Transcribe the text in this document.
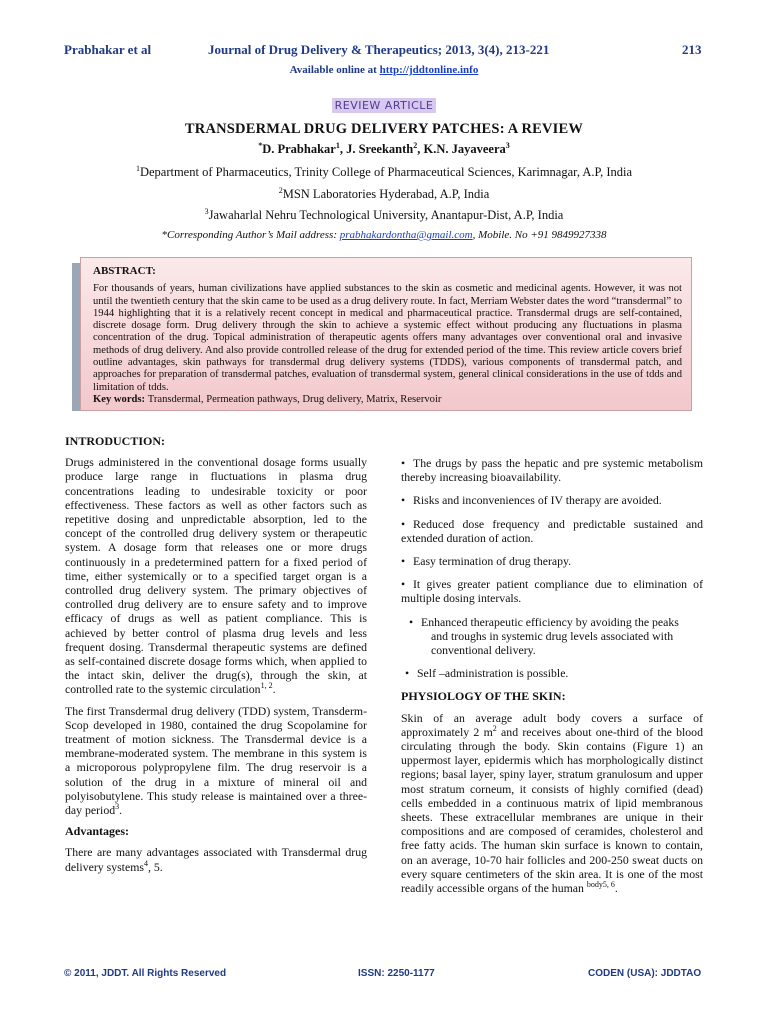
Prabhakar et al	Journal of Drug Delivery & Therapeutics; 2013, 3(4), 213-221	213
Available online at http://jddtonline.info
REVIEW ARTICLE
TRANSDERMAL DRUG DELIVERY PATCHES: A REVIEW
*D. Prabhakar$^1$, J. Sreekanth$^2$, K.N. Jayaveera$^3$
$^1$Department of Pharmaceutics, Trinity College of Pharmaceutical Sciences, Karimnagar, A.P, India
$^2$MSN Laboratories Hyderabad, A.P, India
$^3$Jawaharlal Nehru Technological University, Anantapur-Dist, A.P, India
*Corresponding Author’s Mail address: prabhakardontha@gmail.com, Mobile. No +91 9849927338
ABSTRACT:
For thousands of years, human civilizations have applied substances to the skin as cosmetic and medicinal agents. However, it was not until the twentieth century that the skin came to be used as a drug delivery route. In fact, Merriam Webster dates the word “transdermal” to 1944 highlighting that it is a relatively recent concept in medical and pharmaceutical practice. Transdermal drugs are self-contained, discrete dosage form. Drug delivery through the skin to achieve a systemic effect without producing any fluctuations in plasma concentration of the drug. Topical administration of therapeutic agents offers many advantages over conventional oral and invasive methods of drug delivery. And also provide controlled release of the drug for extended period of the time. This review article covers brief outline advantages, skin pathways for transdermal drug delivery systems (TDDS), various components of transdermal patch, and approaches for preparation of transdermal patches, evaluation of transdermal system, general clinical considerations in the use of tdds and limitation of tdds.
Key words: Transdermal, Permeation pathways, Drug delivery, Matrix, Reservoir
INTRODUCTION:

Drugs administered in the conventional dosage forms usually produce large range in fluctuations in plasma drug concentrations leading to undesirable toxicity or poor effectiveness. These factors as well as other factors such as repetitive dosing and unpredictable absorption, led to the concept of the controlled drug delivery system or therapeutic system. A dosage form that releases one or more drugs continuously in a predetermined pattern for a fixed period of time, either systemically or to a specified target organ is a controlled drug delivery system. The primary objectives of controlled drug delivery are to ensure safety and to improve efficacy of drugs as well as patient compliance. This is achieved by better control of plasma drug levels and less frequent dosing. Transdermal therapeutic systems are defined as self-contained discrete dosage forms which, when applied to the intact skin, deliver the drug(s), through the skin, at controlled rate to the systemic circulation$^{1, 2}$.

The first Transdermal drug delivery (TDD) system, Transderm-Scop developed in 1980, contained the drug Scopolamine for treatment of motion sickness. The Transdermal device is a membrane-moderated system. The membrane in this system is a microporous polypropylene film. The drug reservoir is a solution of the drug in a mixture of mineral oil and polyisobutylene. This study release is maintained over a three-day period$^3$.

Advantages:

There are many advantages associated with Transdermal drug delivery systems$^4$, 5.

• The drugs by pass the hepatic and pre systemic metabolism thereby increasing bioavailability.
• Risks and inconveniences of IV therapy are avoided.
• Reduced dose frequency and predictable sustained and extended duration of action.
• Easy termination of drug therapy.
• It gives greater patient compliance due to elimination of multiple dosing intervals.
• Enhanced therapeutic efficiency by avoiding the peaks
and troughs in systemic drug levels associated with conventional delivery.
• Self –administration is possible.
PHYSIOLOGY OF THE SKIN:

Skin of an average adult body covers a surface of approximately 2 $m^2$ and receives about one-third of the blood circulating through the body. Skin contains (Figure 1) an uppermost layer, epidermis which has morphologically distinct regions; basal layer, spiny layer, stratum granulosum and upper most stratum corneum, it consists of highly cornified (dead) cells embedded in a continuous matrix of lipid membranous sheets. These extracellular membranes are unique in their compositions and are composed of ceramides, cholesterol and free fatty acids. The human skin surface is known to contain, on an average, 10-70 hair follicles and 200-250 sweat ducts on every square centimeters of the skin area. It is one of the most readily accessible organs of the human $^{body5, 6}$.

© 2011, JDDT. All Rights Reserved	ISSN: 2250-1177	CODEN (USA): JDDTAO
